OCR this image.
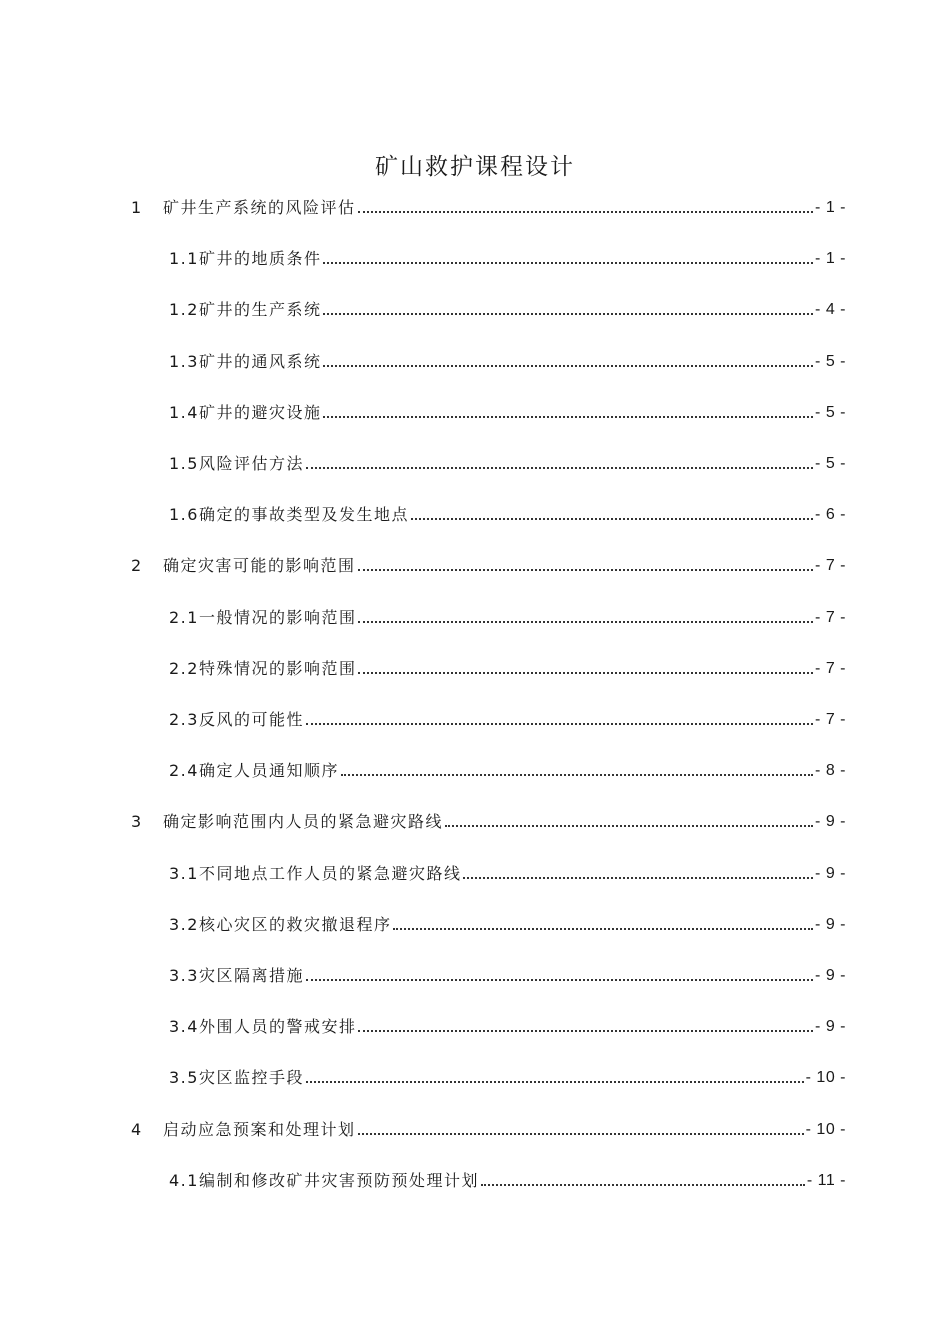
矿山救护课程设计
1	矿井生产系统的风险评估	- 1 -
1.1 矿井的地质条件	- 1 -
1.2 矿井的生产系统	- 4 -
1.3 矿井的通风系统	- 5 -
1.4 矿井的避灾设施	- 5 -
1.5 风险评估方法	- 5 -
1.6 确定的事故类型及发生地点	- 6 -
2	确定灾害可能的影响范围	- 7 -
2.1 一般情况的影响范围	- 7 -
2.2 特殊情况的影响范围	- 7 -
2.3 反风的可能性	- 7 -
2.4 确定人员通知顺序	- 8 -
3	确定影响范围内人员的紧急避灾路线	- 9 -
3.1 不同地点工作人员的紧急避灾路线	- 9 -
3.2 核心灾区的救灾撤退程序	- 9 -
3.3 灾区隔离措施	- 9 -
3.4 外围人员的警戒安排	- 9 -
3.5 灾区监控手段	- 10 -
4	启动应急预案和处理计划	- 10 -
4.1 编制和修改矿井灾害预防预处理计划	- 11 -
